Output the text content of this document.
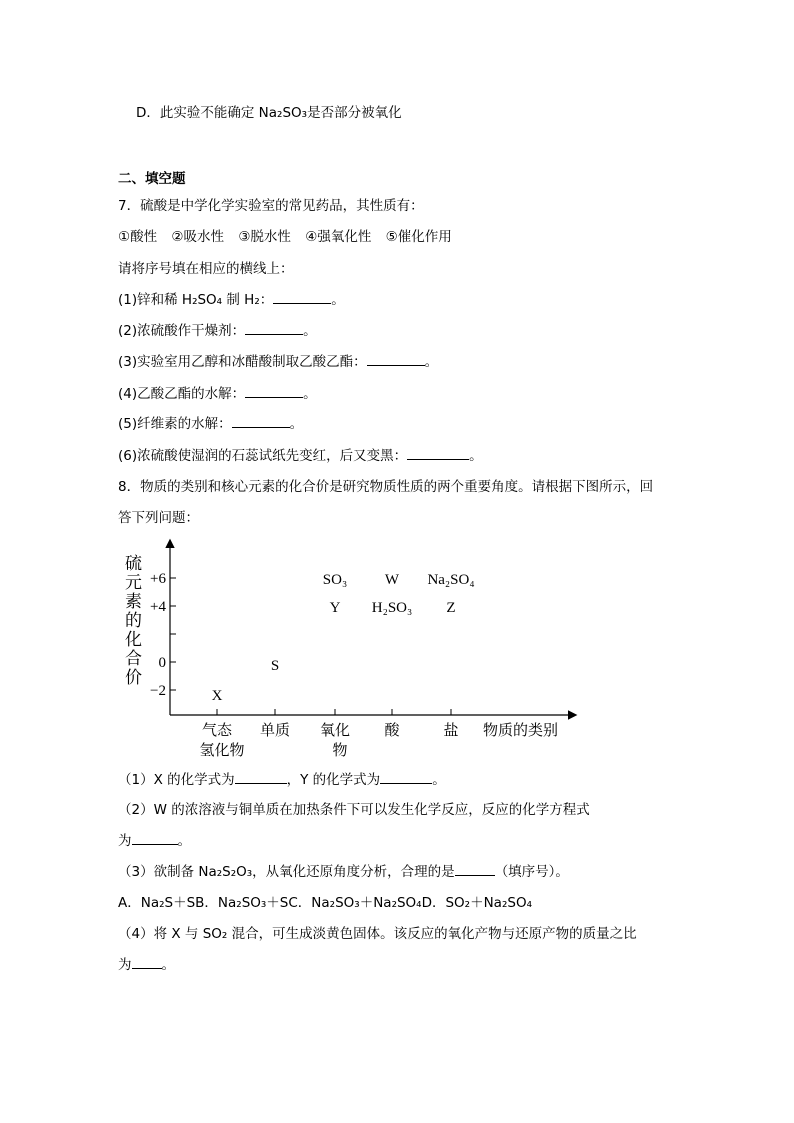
D．此实验不能确定 Na₂SO₃是否部分被氧化
二、填空题
7．硫酸是中学化学实验室的常见药品，其性质有：
①酸性 ②吸水性 ③脱水性 ④强氧化性 ⑤催化作用
请将序号填在相应的横线上：
(1)锌和稀 H₂SO₄ 制 H₂：	。
(2)浓硫酸作干燥剂：	。
(3)实验室用乙醇和冰醋酸制取乙酸乙酯：	。
(4)乙酸乙酯的水解：	。
(5)纤维素的水解：	。
(6)浓硫酸使湿润的石蕊试纸先变红，后又变黑：	。
8．物质的类别和核心元素的化合价是研究物质性质的两个重要角度。请根据下图所示，回
答下列问题：
硫
元
素
的
化
合
价
+6
+4
0
−2
气态
氢化物
单质 氧化
物
酸	盐
X
S
SO₃
Y
W
H₂SO₃
Na₂SO₄
Z
物质的类别
（1）X 的化学式为	，Y 的化学式为	。
（2）W 的浓溶液与铜单质在加热条件下可以发生化学反应，反应的化学方程式
为	。
（3）欲制备 Na₂S₂O₃，从氧化还原角度分析，合理的是	（填序号）。
A．Na₂S＋SB．Na₂SO₃＋SC．Na₂SO₃＋Na₂SO₄D．SO₂＋Na₂SO₄
（4）将 X 与 SO₂ 混合，可生成淡黄色固体。该反应的氧化产物与还原产物的质量之比
为 。
